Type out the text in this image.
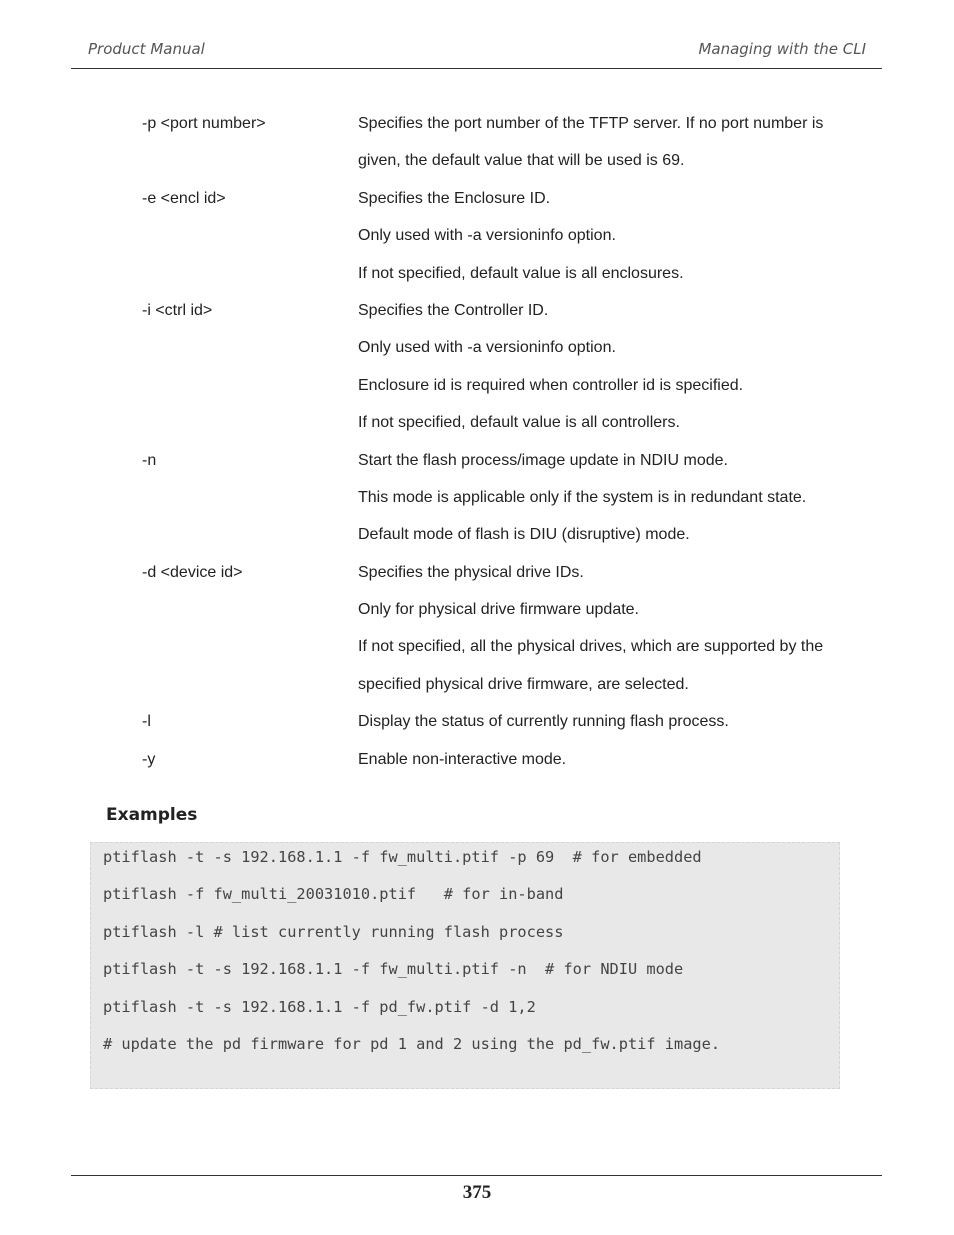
Product Manual	Managing with the CLI
-p <port number>	Specifies the port number of the TFTP server. If no port number is
given, the default value that will be used is 69.
-e <encl id>	Specifies the Enclosure ID.
Only used with -a versioninfo option.
If not specified, default value is all enclosures.
-i <ctrl id>	Specifies the Controller ID.
Only used with -a versioninfo option.
Enclosure id is required when controller id is specified.
If not specified, default value is all controllers.
-n	Start the flash process/image update in NDIU mode.
This mode is applicable only if the system is in redundant state.
Default mode of flash is DIU (disruptive) mode.
-d <device id>	Specifies the physical drive IDs.
Only for physical drive firmware update.
If not specified, all the physical drives, which are supported by the
specified physical drive firmware, are selected.
-l	Display the status of currently running flash process.
-y	Enable non-interactive mode.
Examples
ptiflash -t -s 192.168.1.1 -f fw_multi.ptif -p 69  # for embedded
ptiflash -f fw_multi_20031010.ptif   # for in-band
ptiflash -l # list currently running flash process
ptiflash -t -s 192.168.1.1 -f fw_multi.ptif -n  # for NDIU mode
ptiflash -t -s 192.168.1.1 -f pd_fw.ptif -d 1,2
# update the pd firmware for pd 1 and 2 using the pd_fw.ptif image.
375
